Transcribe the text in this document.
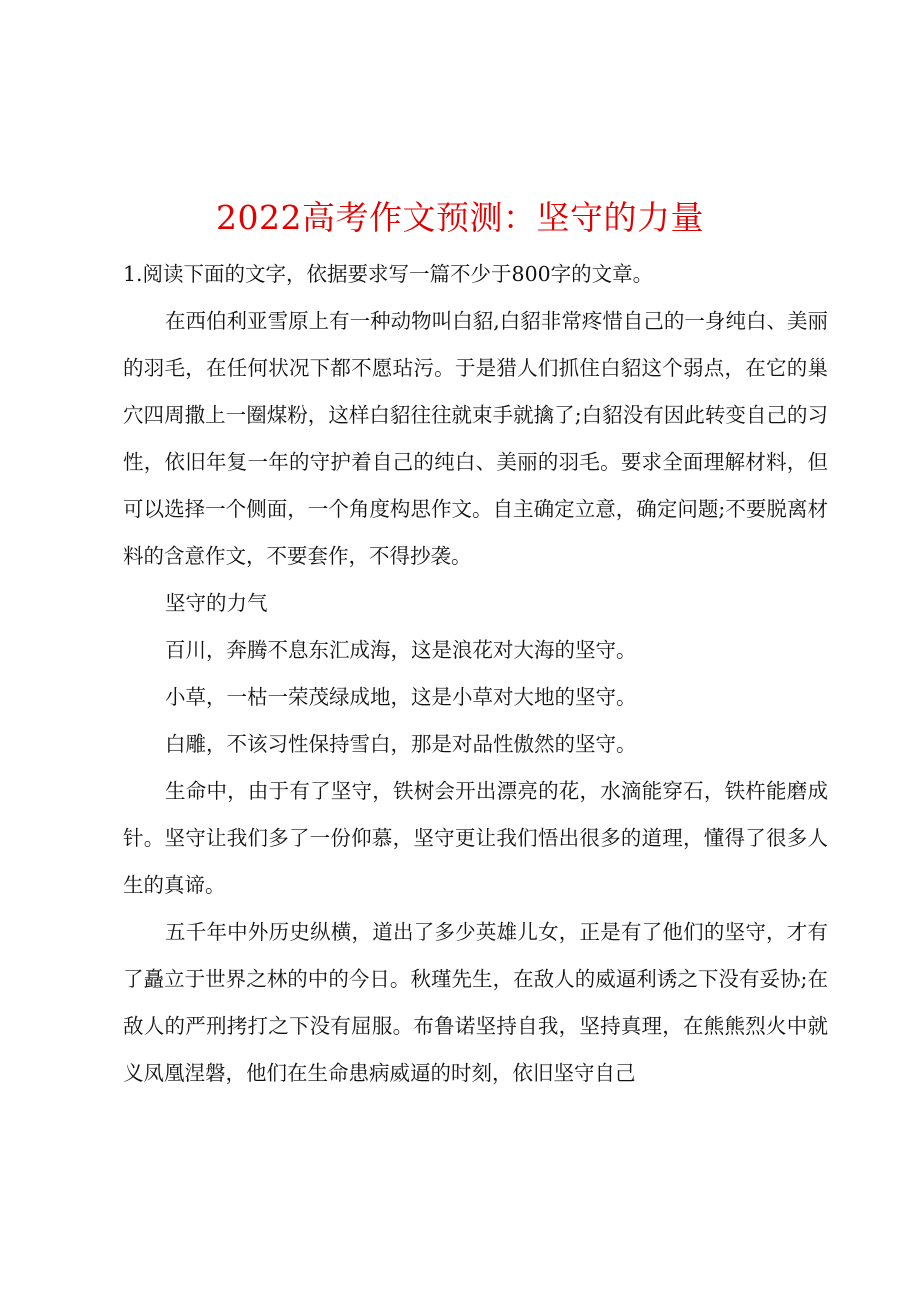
2022高考作文预测：坚守的力量

1.阅读下面的文字，依据要求写一篇不少于800字的文章。

在西伯利亚雪原上有一种动物叫白貂,白貂非常疼惜自己的一身纯白、美丽的羽毛，在任何状况下都不愿玷污。于是猎人们抓住白貂这个弱点，在它的巢穴四周撒上一圈煤粉，这样白貂往往就束手就擒了;白貂没有因此转变自己的习性，依旧年复一年的守护着自己的纯白、美丽的羽毛。要求全面理解材料，但可以选择一个侧面，一个角度构思作文。自主确定立意，确定问题;不要脱离材料的含意作文，不要套作，不得抄袭。

坚守的力气

百川，奔腾不息东汇成海，这是浪花对大海的坚守。

小草，一枯一荣茂绿成地，这是小草对大地的坚守。

白雕，不该习性保持雪白，那是对品性傲然的坚守。

生命中，由于有了坚守，铁树会开出漂亮的花，水滴能穿石，铁杵能磨成针。坚守让我们多了一份仰慕，坚守更让我们悟出很多的道理，懂得了很多人生的真谛。

五千年中外历史纵横，道出了多少英雄儿女，正是有了他们的坚守，才有了矗立于世界之林的中的今日。秋瑾先生，在敌人的威逼利诱之下没有妥协;在敌人的严刑拷打之下没有屈服。布鲁诺坚持自我，坚持真理，在熊熊烈火中就义凤凰涅磐，他们在生命患病威逼的时刻，依旧坚守自己
